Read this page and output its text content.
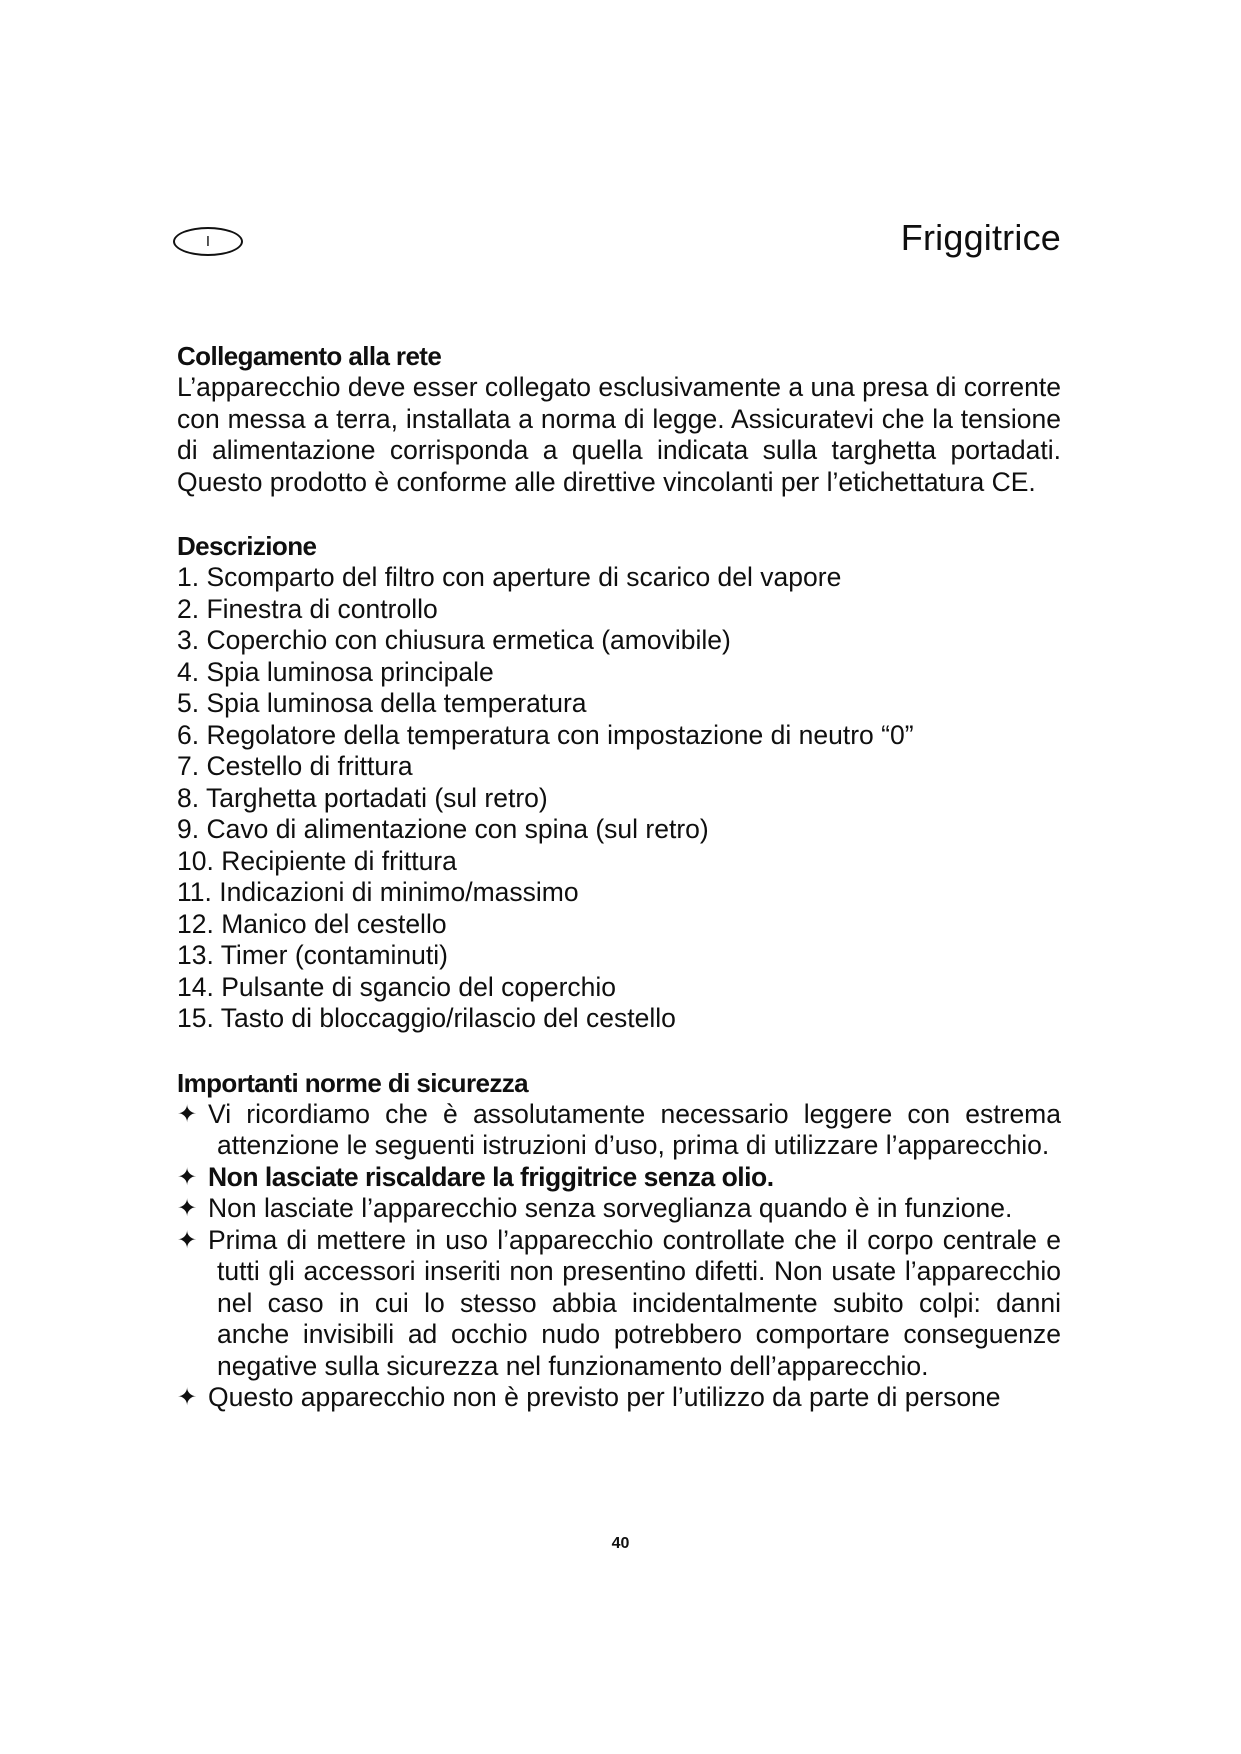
I	Friggitrice
Collegamento alla rete

L’apparecchio deve esser collegato esclusivamente a una presa di corrente con messa a terra, installata a norma di legge. Assicuratevi che la tensione di alimentazione corrisponda a quella indicata sulla targhetta portadati. Questo prodotto è conforme alle direttive vincolanti per l’etichettatura CE.

Descrizione
1. Scomparto del filtro con aperture di scarico del vapore
2. Finestra di controllo
3. Coperchio con chiusura ermetica (amovibile)
4. Spia luminosa principale
5. Spia luminosa della temperatura
6. Regolatore della temperatura con impostazione di neutro “0”
7. Cestello di frittura
8. Targhetta portadati (sul retro)
9. Cavo di alimentazione con spina (sul retro)
10. Recipiente di frittura
11. Indicazioni di minimo/massimo
12. Manico del cestello
13. Timer (contaminuti)
14. Pulsante di sgancio del coperchio
15. Tasto di bloccaggio/rilascio del cestello
Importanti norme di sicurezza
✦ Vi ricordiamo che è assolutamente necessario leggere con estrema attenzione le seguenti istruzioni d’uso, prima di utilizzare l’apparecchio.
✦ Non lasciate riscaldare la friggitrice senza olio.
✦ Non lasciate l’apparecchio senza sorveglianza quando è in funzione.
✦ Prima di mettere in uso l’apparecchio controllate che il corpo centrale e tutti gli accessori inseriti non presentino difetti. Non usate l’apparecchio nel caso in cui lo stesso abbia incidentalmente subito colpi: danni anche invisibili ad occhio nudo potrebbero comportare conseguenze negative sulla sicurezza nel funzionamento dell’apparecchio.
✦ Questo apparecchio non è previsto per l’utilizzo da parte di persone
40
